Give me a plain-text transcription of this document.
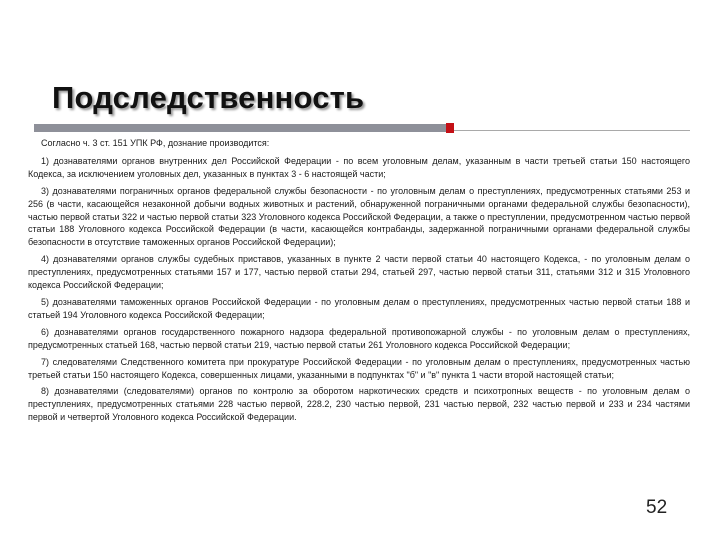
Подследственность

Согласно ч. 3 ст. 151 УПК РФ, дознание производится:

1) дознавателями органов внутренних дел Российской Федерации - по всем уголовным делам, указанным в части третьей статьи 150 настоящего Кодекса, за исключением уголовных дел, указанных в пунктах 3 - 6 настоящей части;

3) дознавателями пограничных органов федеральной службы безопасности - по уголовным делам о преступлениях, предусмотренных статьями 253 и 256 (в части, касающейся незаконной добычи водных животных и растений, обнаруженной пограничными органами федеральной службы безопасности), частью первой статьи 322 и частью первой статьи 323 Уголовного кодекса Российской Федерации, а также о преступлении, предусмотренном частью первой статьи 188 Уголовного кодекса Российской Федерации (в части, касающейся контрабанды, задержанной пограничными органами федеральной службы безопасности в отсутствие таможенных органов Российской Федерации);

4) дознавателями органов службы судебных приставов, указанных в пункте 2 части первой статьи 40 настоящего Кодекса, - по уголовным делам о преступлениях, предусмотренных статьями 157 и 177, частью первой статьи 294, статьей 297, частью первой статьи 311, статьями 312 и 315 Уголовного кодекса Российской Федерации;

5) дознавателями таможенных органов Российской Федерации - по уголовным делам о преступлениях, предусмотренных частью первой статьи 188 и статьей 194 Уголовного кодекса Российской Федерации;

6) дознавателями органов государственного пожарного надзора федеральной противопожарной службы - по уголовным делам о преступлениях, предусмотренных статьей 168, частью первой статьи 219, частью первой статьи 261 Уголовного кодекса Российской Федерации;

7) следователями Следственного комитета при прокуратуре Российской Федерации - по уголовным делам о преступлениях, предусмотренных частью третьей статьи 150 настоящего Кодекса, совершенных лицами, указанными в подпунктах "б" и "в" пункта 1 части второй настоящей статьи;

8) дознавателями (следователями) органов по контролю за оборотом наркотических средств и психотропных веществ - по уголовным делам о преступлениях, предусмотренных статьями 228 частью первой, 228.2, 230 частью первой, 231 частью первой, 232 частью первой и 233 и 234 частями первой и четвертой Уголовного кодекса Российской Федерации.

52
